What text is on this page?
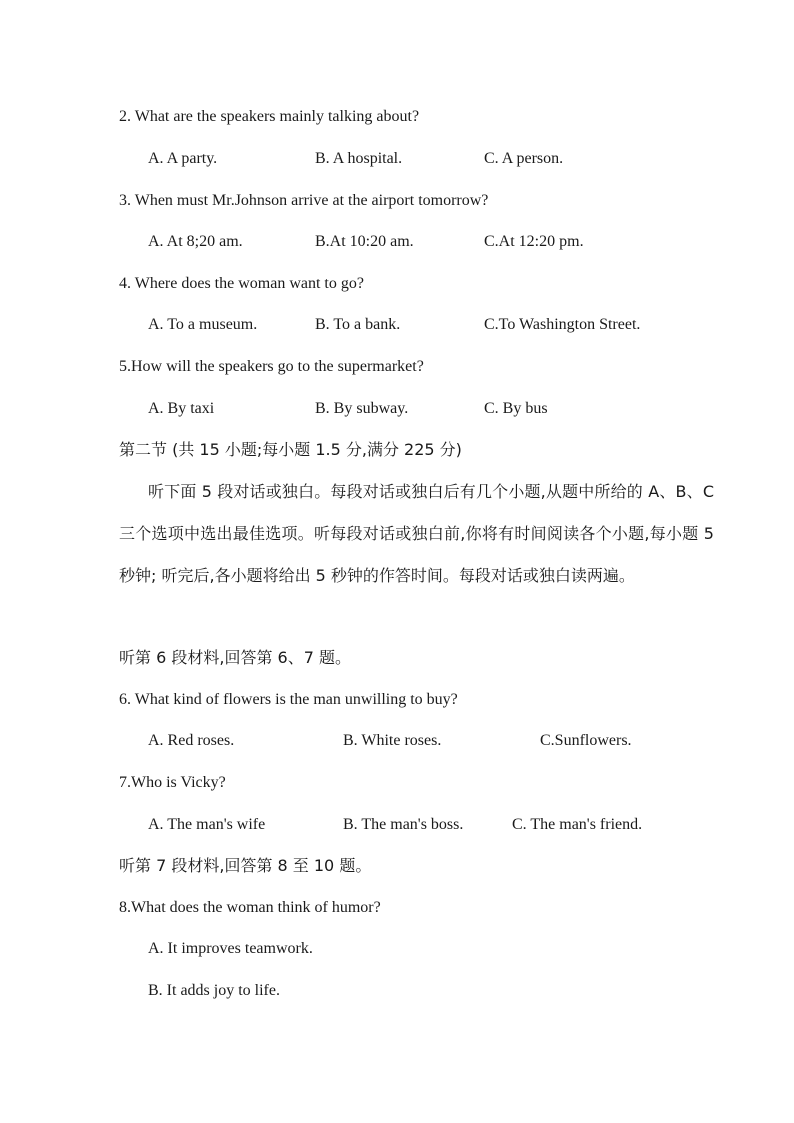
2. What are the speakers mainly talking about?
A. A party.	B. A hospital.	C. A person.
3. When must Mr.Johnson arrive at the airport tomorrow?
A. At 8;20 am.	B.At 10:20 am.	C.At 12:20 pm.
4. Where does the woman want to go?
A. To a museum.	B. To a bank.	C.To Washington Street.
5.How will the speakers go to the supermarket?
A. By taxi	B. By subway.	C. By bus
第二节 (共 15 小题;每小题 1.5 分,满分 225 分)
听下面 5 段对话或独白。每段对话或独白后有几个小题,从题中所给的 A、B、C 三个选项中选出最佳选项。听每段对话或独白前,你将有时间阅读各个小题,每小题 5 秒钟; 听完后,各小题将给出 5 秒钟的作答时间。每段对话或独白读两遍。
听第 6 段材料,回答第 6、7 题。
6. What kind of flowers is the man unwilling to buy?
A. Red roses.	B. White roses.	C.Sunflowers.
7.Who is Vicky?
A. The man's wife	B. The man's boss.	C. The man's friend.
听第 7 段材料,回答第 8 至 10 题。
8.What does the woman think of humor?
A. It improves teamwork.
B. It adds joy to life.
